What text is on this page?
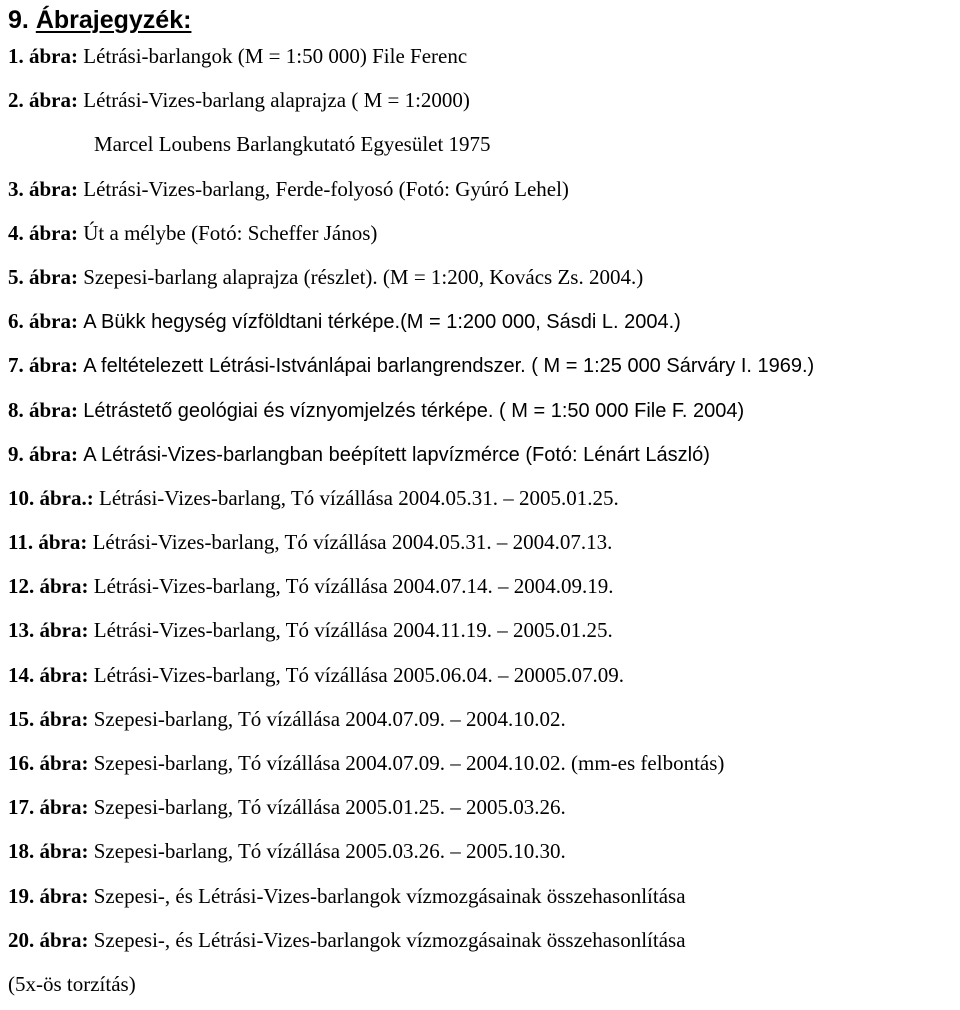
9. Ábrajegyzék:
1. ábra: Létrási-barlangok (M = 1:50 000) File Ferenc
2. ábra: Létrási-Vizes-barlang alaprajza ( M = 1:2000)
Marcel Loubens Barlangkutató Egyesület 1975
3. ábra: Létrási-Vizes-barlang, Ferde-folyosó (Fotó: Gyúró Lehel)
4. ábra: Út a mélybe (Fotó: Scheffer János)
5. ábra: Szepesi-barlang alaprajza (részlet). (M = 1:200, Kovács Zs. 2004.)
6. ábra: A Bükk hegység vízföldtani térképe.(M = 1:200 000, Sásdi L. 2004.)
7. ábra: A feltételezett Létrási-Istvánlápai barlangrendszer. ( M = 1:25 000 Sárváry I. 1969.)
8. ábra: Létrástető geológiai és víznyomjelzés térképe. ( M = 1:50 000 File F. 2004)
9. ábra: A Létrási-Vizes-barlangban beépített lapvízmérce (Fotó: Lénárt László)
10. ábra.: Létrási-Vizes-barlang, Tó vízállása 2004.05.31. – 2005.01.25.
11. ábra: Létrási-Vizes-barlang, Tó vízállása 2004.05.31. – 2004.07.13.
12. ábra: Létrási-Vizes-barlang, Tó vízállása 2004.07.14. – 2004.09.19.
13. ábra: Létrási-Vizes-barlang, Tó vízállása 2004.11.19. – 2005.01.25.
14. ábra: Létrási-Vizes-barlang, Tó vízállása 2005.06.04. – 20005.07.09.
15. ábra: Szepesi-barlang, Tó vízállása 2004.07.09. – 2004.10.02.
16. ábra: Szepesi-barlang, Tó vízállása 2004.07.09. – 2004.10.02. (mm-es felbontás)
17. ábra: Szepesi-barlang, Tó vízállása 2005.01.25. – 2005.03.26.
18. ábra: Szepesi-barlang, Tó vízállása 2005.03.26. – 2005.10.30.
19. ábra: Szepesi-, és Létrási-Vizes-barlangok vízmozgásainak összehasonlítása
20. ábra: Szepesi-, és Létrási-Vizes-barlangok vízmozgásainak összehasonlítása
(5x-ös torzítás)
